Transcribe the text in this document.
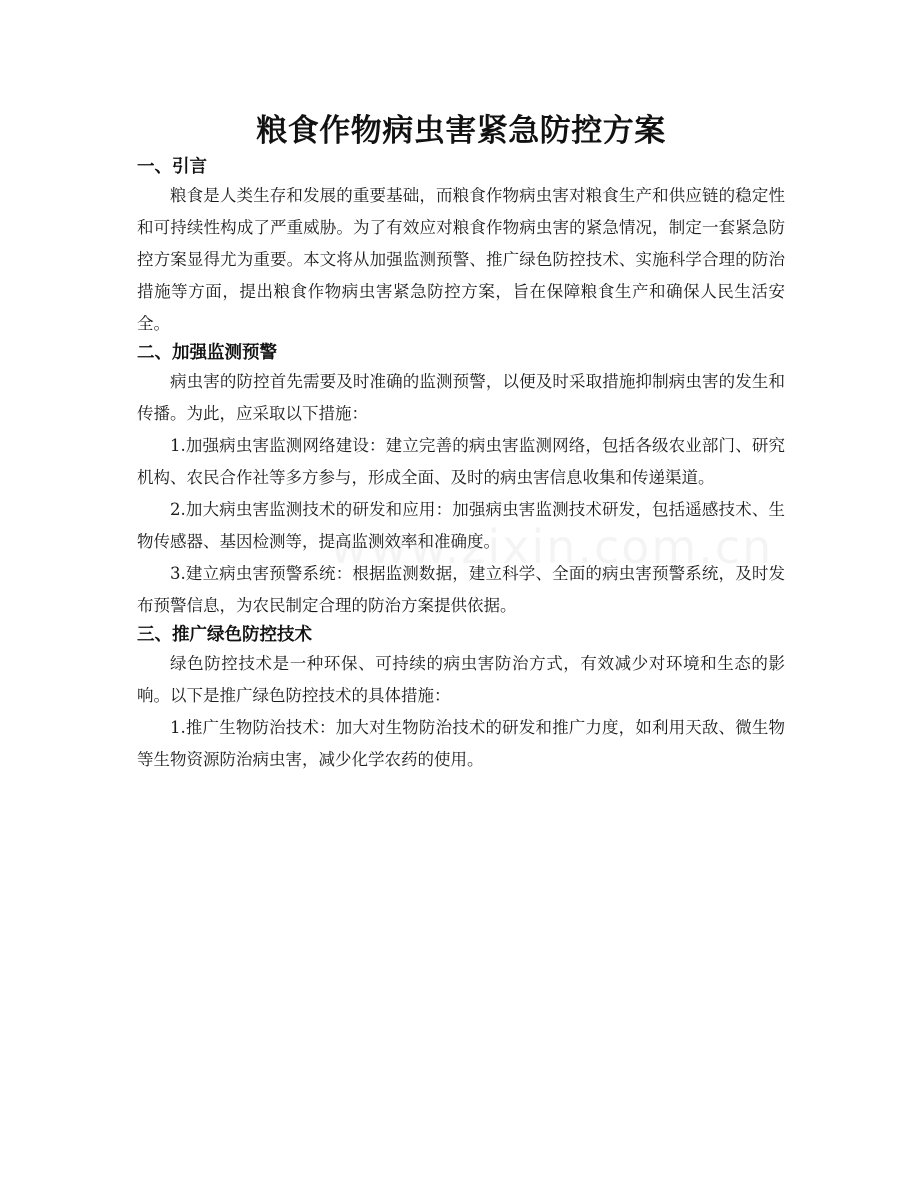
粮食作物病虫害紧急防控方案
一、引言

粮食是人类生存和发展的重要基础，而粮食作物病虫害对粮食生产和供应链的稳定性和可持续性构成了严重威胁。为了有效应对粮食作物病虫害的紧急情况，制定一套紧急防控方案显得尤为重要。本文将从加强监测预警、推广绿色防控技术、实施科学合理的防治措施等方面，提出粮食作物病虫害紧急防控方案，旨在保障粮食生产和确保人民生活安全。

二、加强监测预警

病虫害的防控首先需要及时准确的监测预警，以便及时采取措施抑制病虫害的发生和传播。为此，应采取以下措施：

1.加强病虫害监测网络建设：建立完善的病虫害监测网络，包括各级农业部门、研究机构、农民合作社等多方参与，形成全面、及时的病虫害信息收集和传递渠道。

2.加大病虫害监测技术的研发和应用：加强病虫害监测技术研发，包括遥感技术、生物传感器、基因检测等，提高监测效率和准确度。

3.建立病虫害预警系统：根据监测数据，建立科学、全面的病虫害预警系统，及时发布预警信息，为农民制定合理的防治方案提供依据。

三、推广绿色防控技术

绿色防控技术是一种环保、可持续的病虫害防治方式，有效减少对环境和生态的影响。以下是推广绿色防控技术的具体措施：

1.推广生物防治技术：加大对生物防治技术的研发和推广力度，如利用天敌、微生物等生物资源防治病虫害，减少化学农药的使用。
